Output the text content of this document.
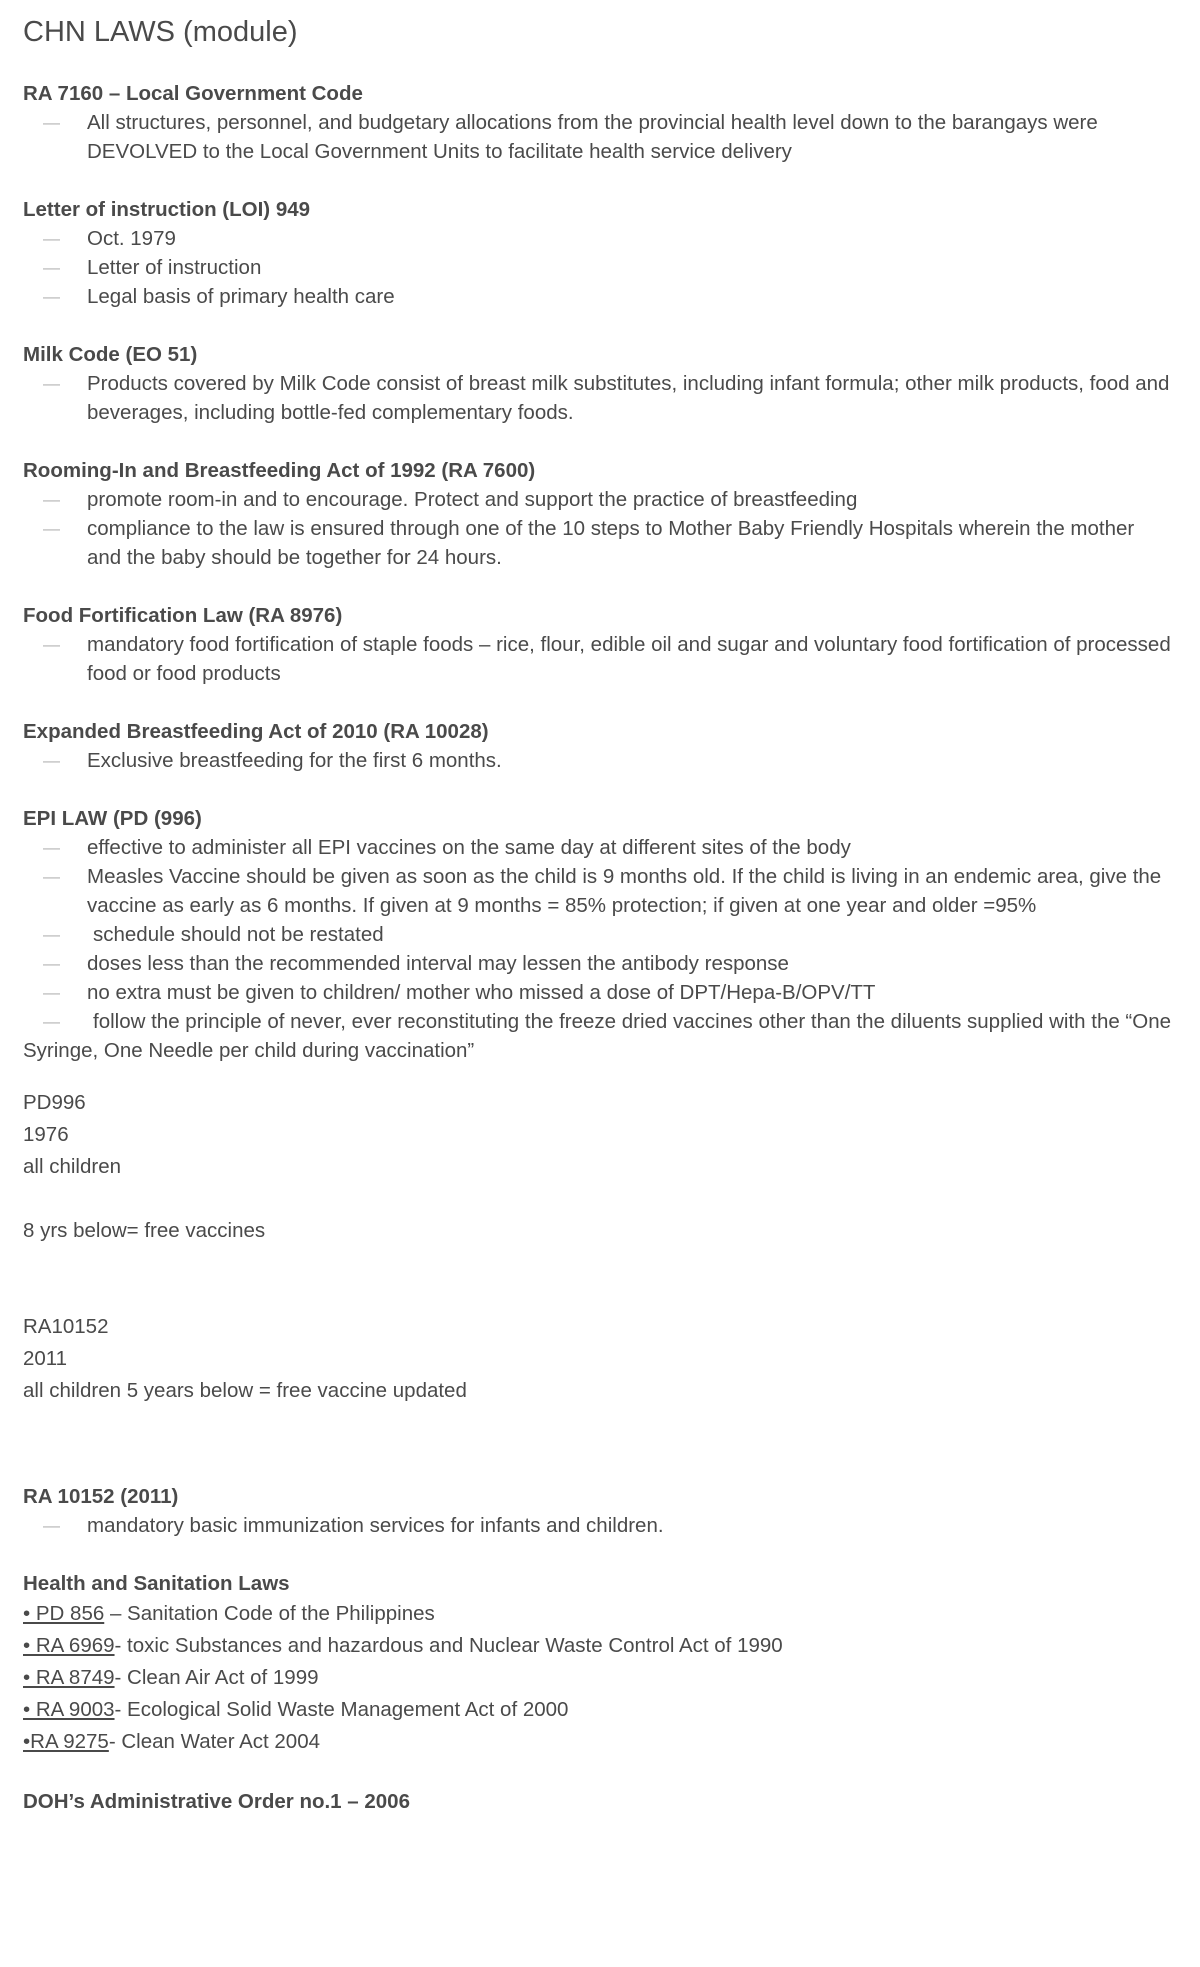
CHN LAWS (module)
RA 7160 – Local Government Code
— All structures, personnel, and budgetary allocations from the provincial health level down to the barangays were DEVOLVED to the Local Government Units to facilitate health service delivery
Letter of instruction (LOI) 949
— Oct. 1979
— Letter of instruction
— Legal basis of primary health care
Milk Code (EO 51)
— Products covered by Milk Code consist of breast milk substitutes, including infant formula; other milk products, food and beverages, including bottle-fed complementary foods.
Rooming-In and Breastfeeding Act of 1992 (RA 7600)
— promote room-in and to encourage. Protect and support the practice of breastfeeding
— compliance to the law is ensured through one of the 10 steps to Mother Baby Friendly Hospitals wherein the mother and the baby should be together for 24 hours.
Food Fortification Law (RA 8976)
— mandatory food fortification of staple foods – rice, flour, edible oil and sugar and voluntary food fortification of processed food or food products
Expanded Breastfeeding Act of 2010 (RA 10028)
— Exclusive breastfeeding for the first 6 months.
EPI LAW (PD (996)
— effective to administer all EPI vaccines on the same day at different sites of the body
— Measles Vaccine should be given as soon as the child is 9 months old. If the child is living in an endemic area, give the vaccine as early as 6 months. If given at 9 months = 85% protection; if given at one year and older =95%
— schedule should not be restated
— doses less than the recommended interval may lessen the antibody response
— no extra must be given to children/ mother who missed a dose of DPT/Hepa-B/OPV/TT
— follow the principle of never, ever reconstituting the freeze dried vaccines other than the diluents supplied with the “One Syringe, One Needle per child during vaccination”
PD996
1976
all children
8 yrs below= free vaccines
RA10152
2011
all children 5 years below = free vaccine updated
RA 10152 (2011)
— mandatory basic immunization services for infants and children.
Health and Sanitation Laws
• PD 856 – Sanitation Code of the Philippines
• RA 6969- toxic Substances and hazardous and Nuclear Waste Control Act of 1990
• RA 8749- Clean Air Act of 1999
• RA 9003- Ecological Solid Waste Management Act of 2000
•RA 9275- Clean Water Act 2004
DOH’s Administrative Order no.1 – 2006
